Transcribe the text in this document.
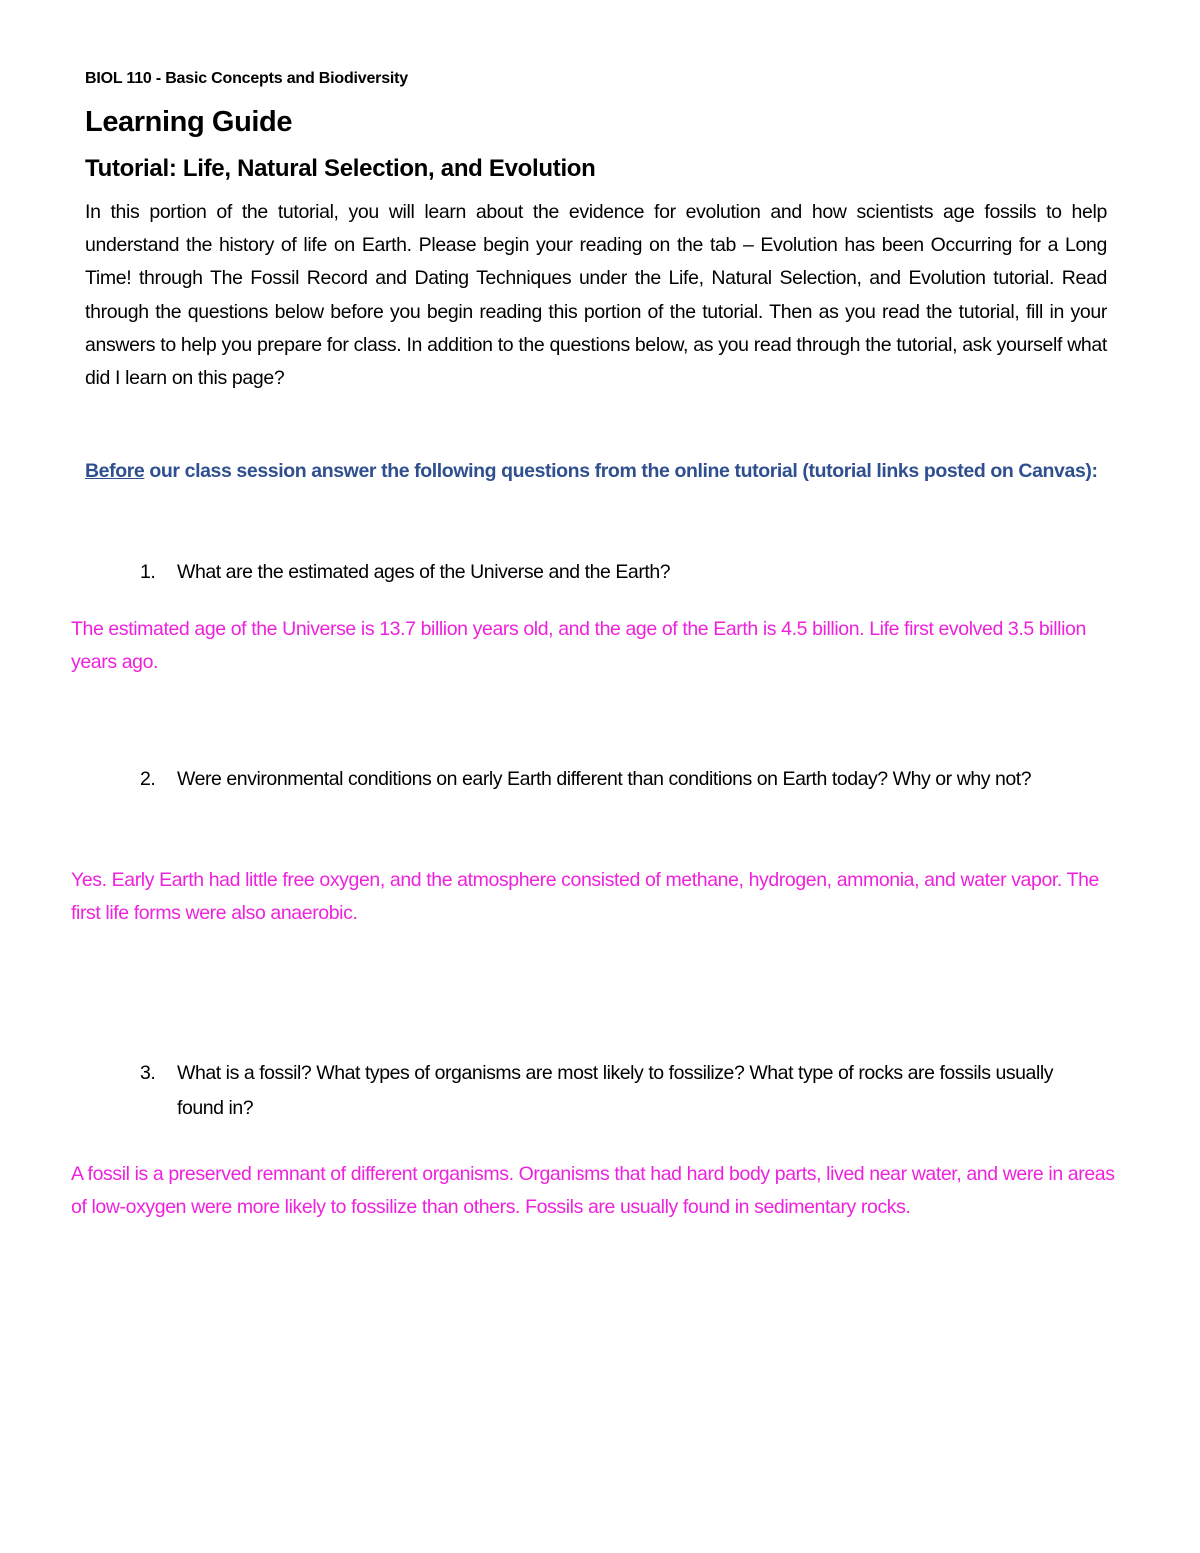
BIOL 110 - Basic Concepts and Biodiversity
Learning Guide
Tutorial: Life, Natural Selection, and Evolution
In this portion of the tutorial, you will learn about the evidence for evolution and how scientists age fossils to help understand the history of life on Earth. Please begin your reading on the tab – Evolution has been Occurring for a Long Time! through The Fossil Record and Dating Techniques under the Life, Natural Selection, and Evolution tutorial. Read through the questions below before you begin reading this portion of the tutorial. Then as you read the tutorial, fill in your answers to help you prepare for class. In addition to the questions below, as you read through the tutorial, ask yourself what did I learn on this page?
Before our class session answer the following questions from the online tutorial (tutorial links posted on Canvas):
1. What are the estimated ages of the Universe and the Earth?
The estimated age of the Universe is 13.7 billion years old, and the age of the Earth is 4.5 billion. Life first evolved 3.5 billion years ago.
2. Were environmental conditions on early Earth different than conditions on Earth today? Why or why not?
Yes. Early Earth had little free oxygen, and the atmosphere consisted of methane, hydrogen, ammonia, and water vapor. The first life forms were also anaerobic.
3. What is a fossil? What types of organisms are most likely to fossilize? What type of rocks are fossils usually found in?
A fossil is a preserved remnant of different organisms. Organisms that had hard body parts, lived near water, and were in areas of low-oxygen were more likely to fossilize than others. Fossils are usually found in sedimentary rocks.
